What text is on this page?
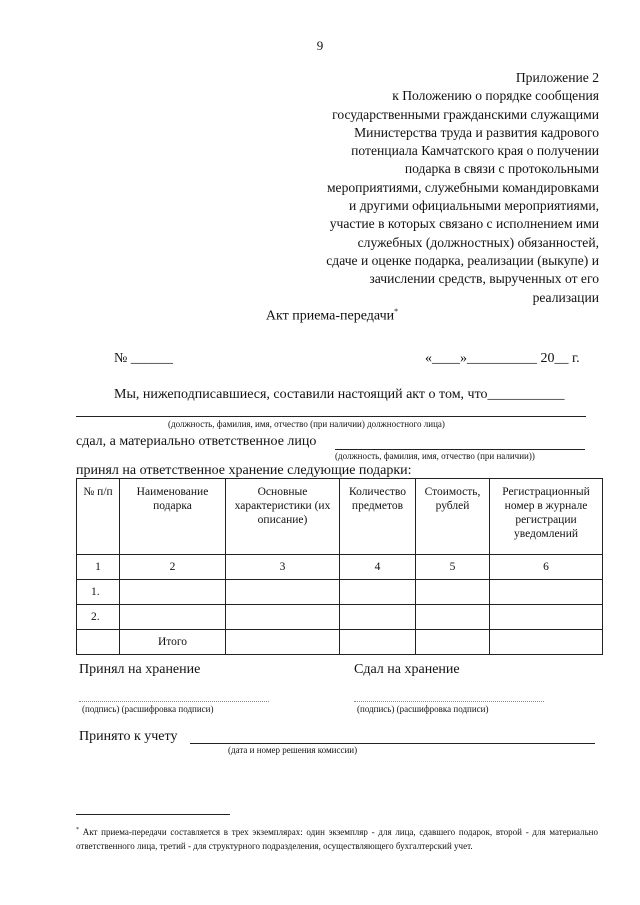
9
Приложение 2
к Положению о порядке сообщения
государственными гражданскими служащими
Министерства труда и развития кадрового
потенциала Камчатского края о получении
подарка в связи с протокольными
мероприятиями, служебными командировками
и другими официальными мероприятиями,
участие в которых связано с исполнением ими
служебных (должностных) обязанностей,
сдаче и оценке подарка, реализации (выкупе) и
зачислении средств, вырученных от его
реализации
Акт приема-передачи*
№ ______	«____»__________ 20__ г.
Мы, нижеподписавшиеся, составили настоящий акт о том, что___________
(должность, фамилия, имя, отчество (при наличии) должностного лица)
сдал, а материально ответственное лицо
(должность, фамилия, имя, отчество (при наличии))
принял на ответственное хранение следующие подарки:
№ п/п	Наименование подарка	Основные характеристики (их описание)	Количество предметов	Стоимость, рублей	Регистрационный номер в журнале регистрации уведомлений
1	2	3	4	5	6
1.					
2.					
	Итого				
Принял на хранение	Сдал на хранение
(подпись) (расшифровка подписи)	(подпись) (расшифровка подписи)
Принято к учету
(дата и номер решения комиссии)
* Акт приема-передачи составляется в трех экземплярах: один экземпляр - для лица, сдавшего подарок, второй - для материально ответственного лица, третий - для структурного подразделения, осуществляющего бухгалтерский учет.
